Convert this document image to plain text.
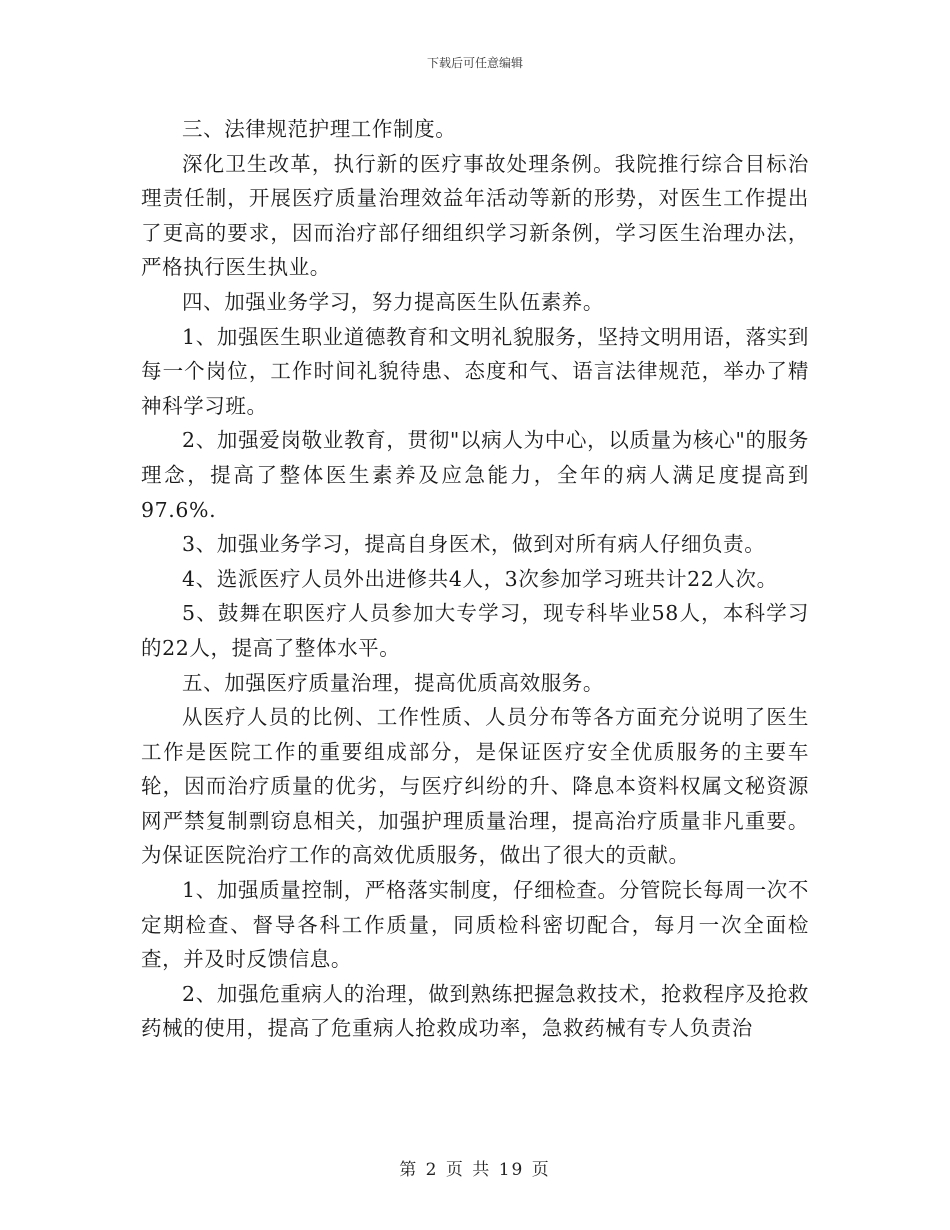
下载后可任意编辑

三、法律规范护理工作制度。

深化卫生改革，执行新的医疗事故处理条例。我院推行综合目标治理责任制，开展医疗质量治理效益年活动等新的形势，对医生工作提出了更高的要求，因而治疗部仔细组织学习新条例，学习医生治理办法，严格执行医生执业。

四、加强业务学习，努力提高医生队伍素养。

1、加强医生职业道德教育和文明礼貌服务，坚持文明用语，落实到每一个岗位，工作时间礼貌待患、态度和气、语言法律规范，举办了精神科学习班。

2、加强爱岗敬业教育，贯彻"以病人为中心，以质量为核心"的服务理念，提高了整体医生素养及应急能力，全年的病人满足度提高到97.6%.

3、加强业务学习，提高自身医术，做到对所有病人仔细负责。

4、选派医疗人员外出进修共4人，3次参加学习班共计22人次。

5、鼓舞在职医疗人员参加大专学习，现专科毕业58人，本科学习的22人，提高了整体水平。

五、加强医疗质量治理，提高优质高效服务。

从医疗人员的比例、工作性质、人员分布等各方面充分说明了医生工作是医院工作的重要组成部分，是保证医疗安全优质服务的主要车轮，因而治疗质量的优劣，与医疗纠纷的升、降息本资料权属文秘资源网严禁复制剽窃息相关，加强护理质量治理，提高治疗质量非凡重要。为保证医院治疗工作的高效优质服务，做出了很大的贡献。

1、加强质量控制，严格落实制度，仔细检查。分管院长每周一次不定期检查、督导各科工作质量，同质检科密切配合，每月一次全面检查，并及时反馈信息。

2、加强危重病人的治理，做到熟练把握急救技术，抢救程序及抢救药械的使用，提高了危重病人抢救成功率，急救药械有专人负责治

第 2 页 共 19 页
